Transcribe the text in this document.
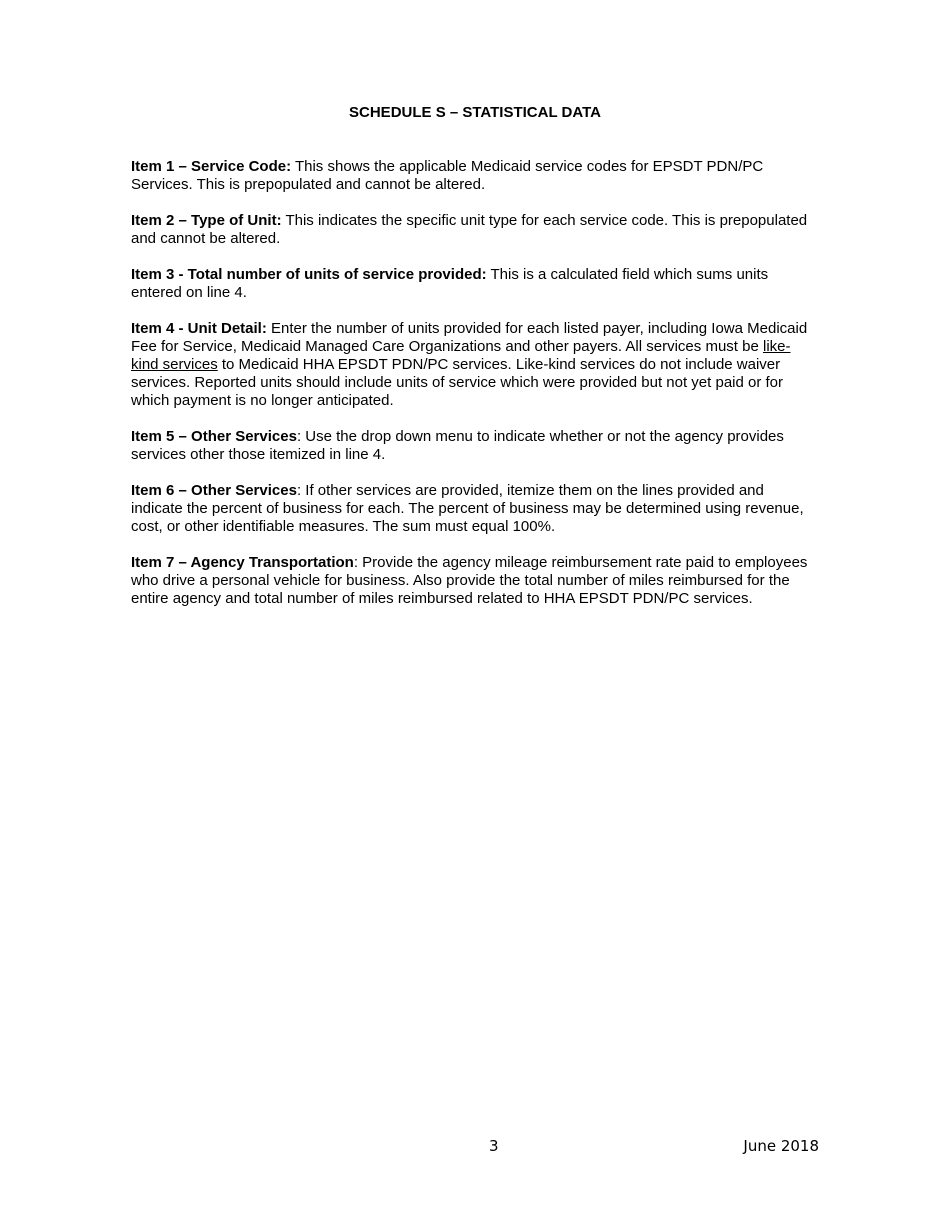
SCHEDULE S – STATISTICAL DATA

Item 1 – Service Code: This shows the applicable Medicaid service codes for EPSDT PDN/PC Services. This is prepopulated and cannot be altered.

Item 2 – Type of Unit: This indicates the specific unit type for each service code. This is prepopulated and cannot be altered.

Item 3 - Total number of units of service provided: This is a calculated field which sums units entered on line 4.

Item 4 - Unit Detail: Enter the number of units provided for each listed payer, including Iowa Medicaid Fee for Service, Medicaid Managed Care Organizations and other payers. All services must be like-kind services to Medicaid HHA EPSDT PDN/PC services. Like-kind services do not include waiver services. Reported units should include units of service which were provided but not yet paid or for which payment is no longer anticipated.

Item 5 – Other Services: Use the drop down menu to indicate whether or not the agency provides services other those itemized in line 4.

Item 6 – Other Services: If other services are provided, itemize them on the lines provided and indicate the percent of business for each. The percent of business may be determined using revenue, cost, or other identifiable measures. The sum must equal 100%.

Item 7 – Agency Transportation: Provide the agency mileage reimbursement rate paid to employees who drive a personal vehicle for business. Also provide the total number of miles reimbursed for the entire agency and total number of miles reimbursed related to HHA EPSDT PDN/PC services.

3	June 2018
